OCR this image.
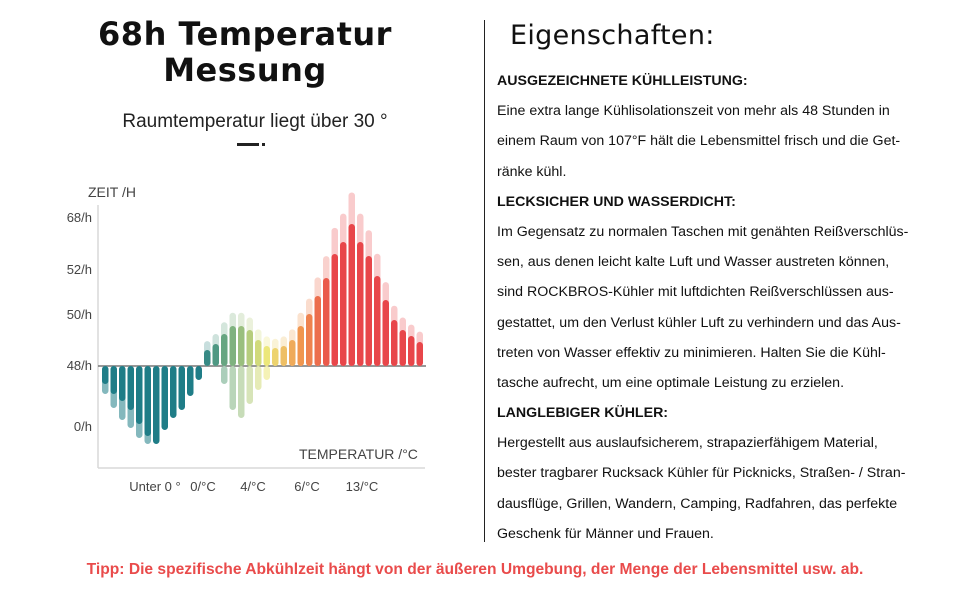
68h Temperatur
Messung
Raumtemperatur liegt über 30 °
ZEIT /H
TEMPERATUR /°C
68/h
52/h
50/h
48/h
0/h
Unter 0 ° 0/°C 4/°C 6/°C 13/°C
Eigenschaften:
AUSGEZEICHNETE KÜHLLEISTUNG:
Eine extra lange Kühlisolationszeit von mehr als 48 Stunden in
einem Raum von 107°F hält die Lebensmittel frisch und die Get-
ränke kühl.
LECKSICHER UND WASSERDICHT:
Im Gegensatz zu normalen Taschen mit genähten Reißverschlüs-
sen, aus denen leicht kalte Luft und Wasser austreten können,
sind ROCKBROS-Kühler mit luftdichten Reißverschlüssen aus-
gestattet, um den Verlust kühler Luft zu verhindern und das Aus-
treten von Wasser effektiv zu minimieren. Halten Sie die Kühl-
tasche aufrecht, um eine optimale Leistung zu erzielen.
LANGLEBIGER KÜHLER:
Hergestellt aus auslaufsicherem, strapazierfähigem Material,
bester tragbarer Rucksack Kühler für Picknicks, Straßen- / Stran-
dausflüge, Grillen, Wandern, Camping, Radfahren, das perfekte
Geschenk für Männer und Frauen.
Tipp: Die spezifische Abkühlzeit hängt von der äußeren Umgebung, der Menge der Lebensmittel usw. ab.
